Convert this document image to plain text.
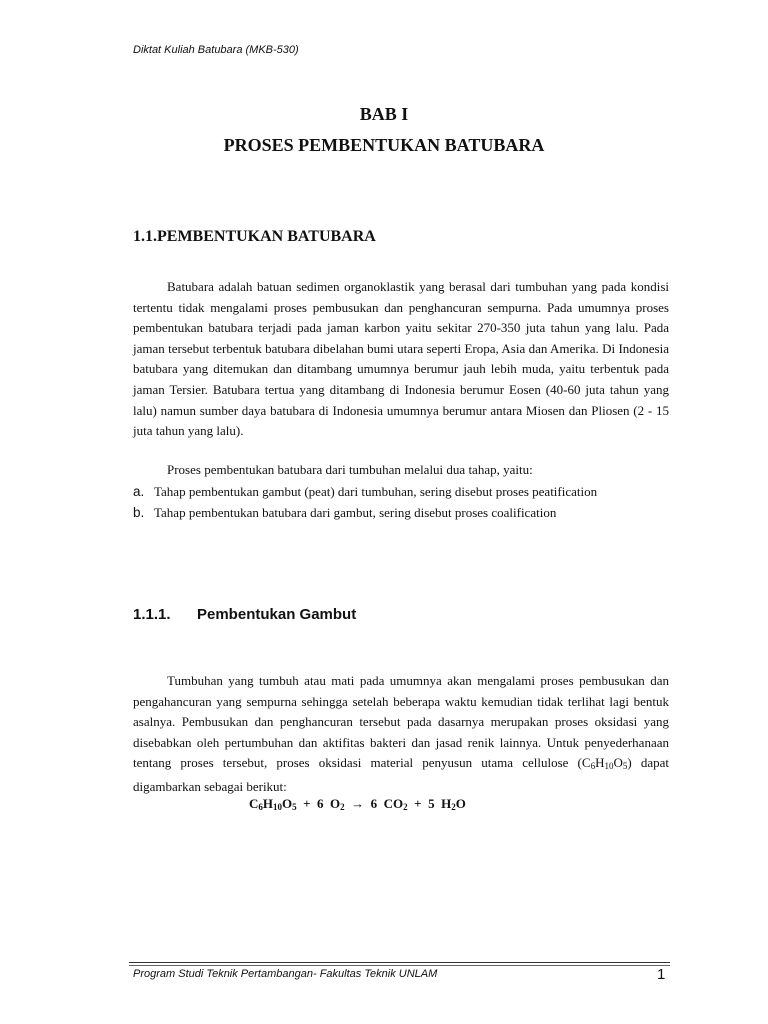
Diktat Kuliah Batubara (MKB-530)
BAB I
PROSES PEMBENTUKAN BATUBARA
1.1.PEMBENTUKAN BATUBARA

Batubara adalah batuan sedimen organoklastik yang berasal dari tumbuhan yang pada kondisi tertentu tidak mengalami proses pembusukan dan penghancuran sempurna. Pada umumnya proses pembentukan batubara terjadi pada jaman karbon yaitu sekitar 270-350 juta tahun yang lalu. Pada jaman tersebut terbentuk batubara dibelahan bumi utara seperti Eropa, Asia dan Amerika. Di Indonesia batubara yang ditemukan dan ditambang umumnya berumur jauh lebih muda, yaitu terbentuk pada jaman Tersier. Batubara tertua yang ditambang di Indonesia berumur Eosen (40-60 juta tahun yang lalu) namun sumber daya batubara di Indonesia umumnya berumur antara Miosen dan Pliosen (2 - 15 juta tahun yang lalu).

Proses pembentukan batubara dari tumbuhan melalui dua tahap, yaitu:

a. Tahap pembentukan gambut (peat) dari tumbuhan, sering disebut proses peatification
b. Tahap pembentukan batubara dari gambut, sering disebut proses coalification
1.1.1. Pembentukan Gambut

Tumbuhan yang tumbuh atau mati pada umumnya akan mengalami proses pembusukan dan pengahancuran yang sempurna sehingga setelah beberapa waktu kemudian tidak terlihat lagi bentuk asalnya. Pembusukan dan penghancuran tersebut pada dasarnya merupakan proses oksidasi yang disebabkan oleh pertumbuhan dan aktifitas bakteri dan jasad renik lainnya. Untuk penyederhanaan tentang proses tersebut, proses oksidasi material penyusun utama cellulose $(C_6H_{10}O_5)$ dapat digambarkan sebagai berikut:

$C_6H_{10}O_5 + 6$  $O_2 \to 6$  $CO_2 + 5$  $H_2O$
Program Studi Teknik Pertambangan- Fakultas Teknik UNLAM	1
